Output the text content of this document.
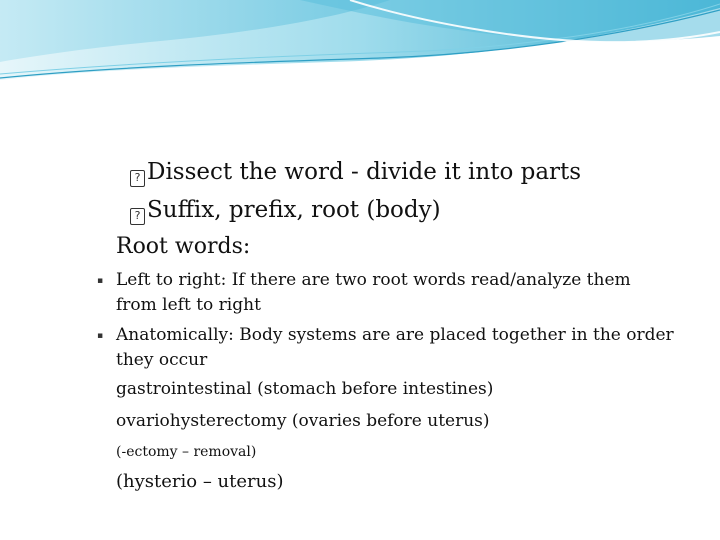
? Dissect the word - divide it into parts
? Suffix, prefix, root (body)
Root words:
▪ Left to right: If there are two root words read/analyze them from left to right
▪ Anatomically: Body systems are are placed together in the order they occur
gastrointestinal (stomach before intestines)
ovariohysterectomy (ovaries before uterus)
(-ectomy – removal)
(hysterio – uterus)
